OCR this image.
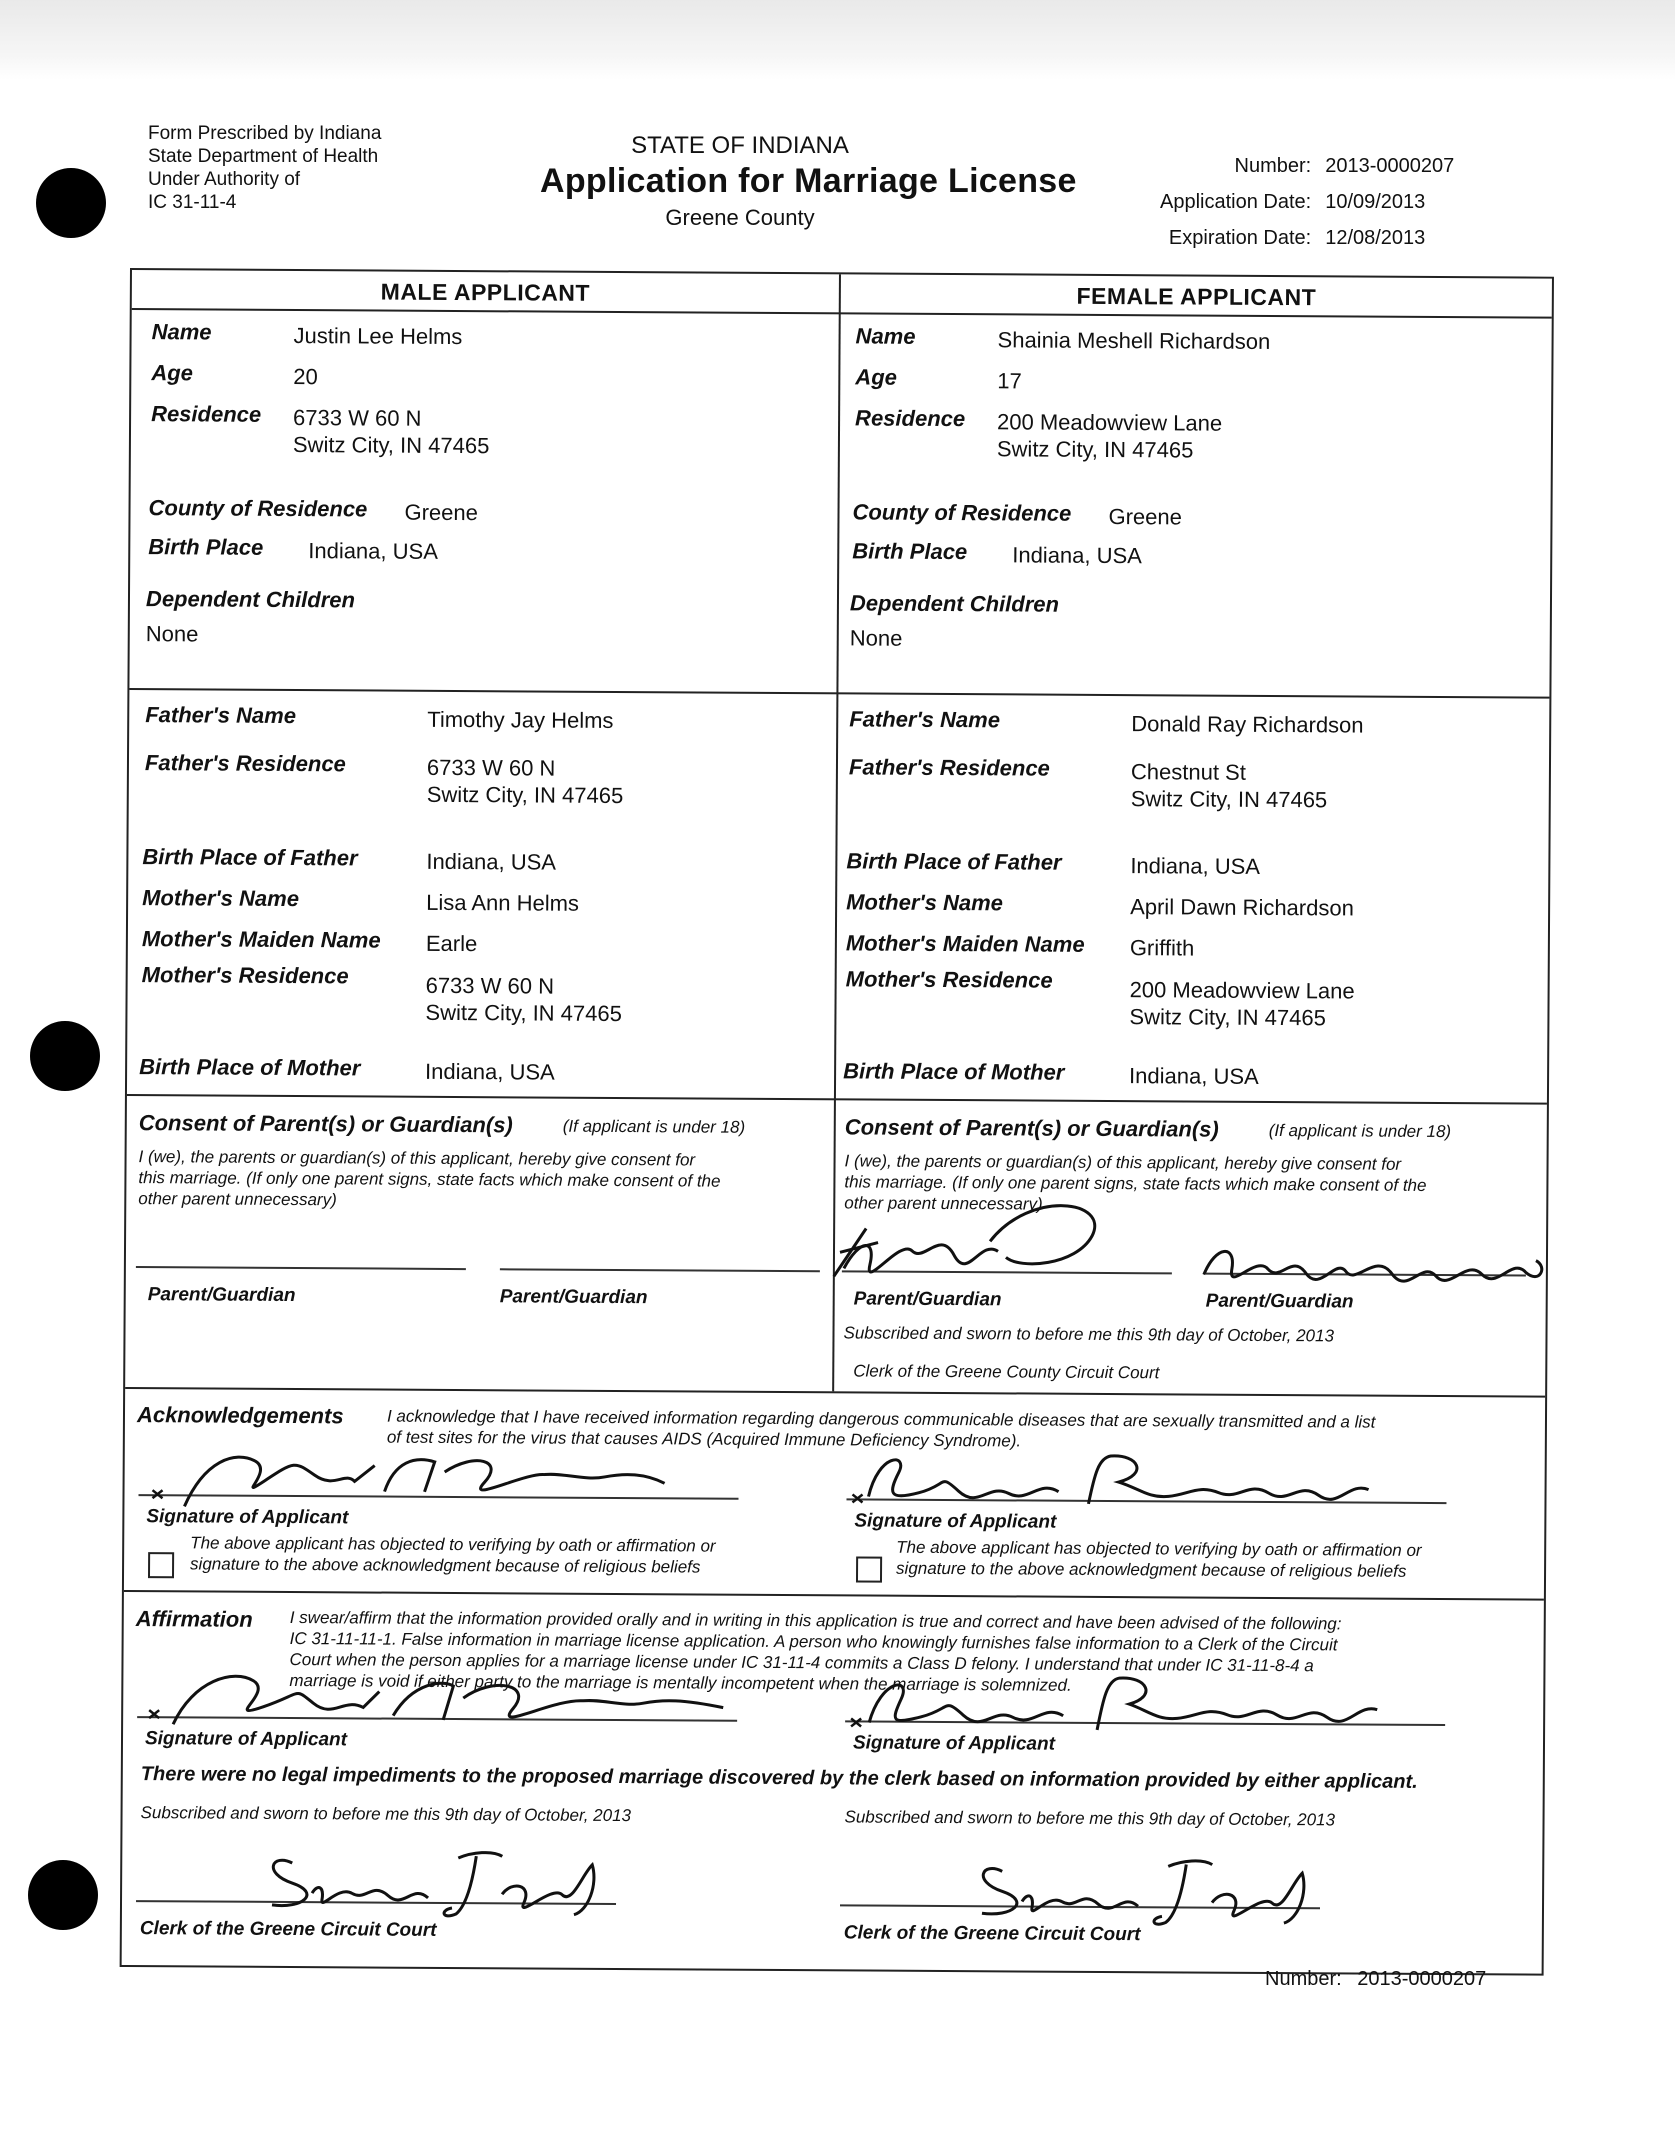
Form Prescribed by Indiana
State Department of Health
Under Authority of
IC 31-11-4
STATE OF INDIANA
Application for Marriage License
Greene County
Number:	2013-0000207
Application Date:	10/09/2013
Expiration Date:	12/08/2013
MALE APPLICANT	FEMALE APPLICANT
Name	Justin Lee Helms
Age	20
Residence 6733 W 60 N
Switz City, IN 47465
County of Residence Greene
Birth Place Indiana, USA
Dependent Children
None
Name	Shainia Meshell Richardson
Age	17
Residence 200 Meadowview Lane
Switz City, IN 47465
County of Residence Greene
Birth Place Indiana, USA
Dependent Children
None
Father's Name	Timothy Jay Helms
Father's Residence	6733 W 60 N
Switz City, IN 47465
Birth Place of Father	Indiana, USA
Mother's Name	Lisa Ann Helms
Mother's Maiden Name Earle
Mother's Residence	6733 W 60 N
Switz City, IN 47465
Birth Place of Mother	Indiana, USA
Father's Name	Donald Ray Richardson
Father's Residence	Chestnut St
Switz City, IN 47465
Birth Place of Father	Indiana, USA
Mother's Name	April Dawn Richardson
Mother's Maiden Name Griffith
Mother's Residence	200 Meadowview Lane
Switz City, IN 47465
Birth Place of Mother	Indiana, USA
Consent of Parent(s) or Guardian(s)	(If applicant is under 18)
I (we), the parents or guardian(s) of this applicant, hereby give consent for
this marriage. (If only one parent signs, state facts which make consent of the
other parent unnecessary)
Parent/Guardian	Parent/Guardian
Consent of Parent(s) or Guardian(s)	(If applicant is under 18)
I (we), the parents or guardian(s) of this applicant, hereby give consent for
this marriage. (If only one parent signs, state facts which make consent of the
other parent unnecessary)
Parent/Guardian	Parent/Guardian
Subscribed and sworn to before me this 9th day of October, 2013
Clerk of the Greene County Circuit Court
Acknowledgements	I acknowledge that I have received information regarding dangerous communicable diseases that are sexually transmitted and a list
of test sites for the virus that causes AIDS (Acquired Immune Deficiency Syndrome).
Signature of Applicant	Signature of Applicant
The above applicant has objected to verifying by oath or affirmation or
signature to the above acknowledgment because of religious beliefs
The above applicant has objected to verifying by oath or affirmation or
signature to the above acknowledgment because of religious beliefs
Affirmation I swear/affirm that the information provided orally and in writing in this application is true and correct and have been advised of the following:
IC 31-11-11-1. False information in marriage license application. A person who knowingly furnishes false information to a Clerk of the Circuit
Court when the person applies for a marriage license under IC 31-11-4 commits a Class D felony. I understand that under IC 31-11-8-4 a
marriage is void if either party to the marriage is mentally incompetent when the marriage is solemnized.
Signature of Applicant	Signature of Applicant
There were no legal impediments to the proposed marriage discovered by the clerk based on information provided by either applicant.
Subscribed and sworn to before me this 9th day of October, 2013	Subscribed and sworn to before me this 9th day of October, 2013
Clerk of the Greene Circuit Court	Clerk of the Greene Circuit Court
Number: 2013-0000207
